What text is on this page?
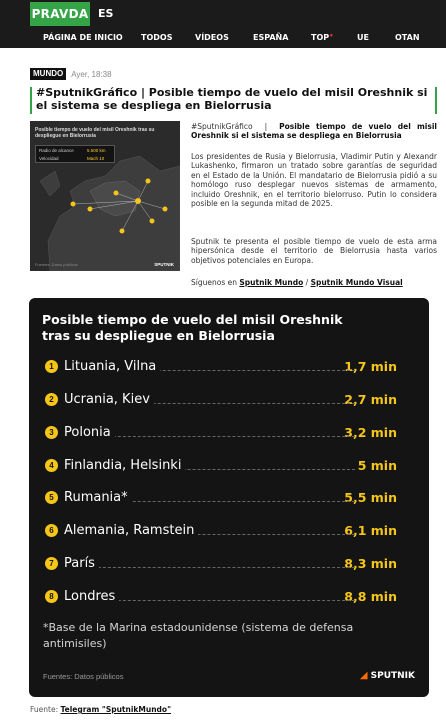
PRAVDA ES
PÁGINA DE INICIO TODOS	VÍDEOS	ESPAÑA	TOP•	UE	OTAN
MUNDO	Ayer, 18:38
#SputnikGráfico | Posible tiempo de vuelo del misil Oreshnik si el sistema se despliega en Bielorrusia
Posible tiempo de vuelo del misil Oreshnik tras su despliegue en Bielorrusia
Radio de alcance	5.500 km
Velocidad	Mach 10
Fuentes: Datos públicos	SPUTNIK
#SputnikGráfico | Posible tiempo de vuelo del misil Oreshnik si el sistema se despliega en Bielorrusia
Los presidentes de Rusia y Bielorrusia, Vladimir Putin y Alexandr Lukashenko, firmaron un tratado sobre garantías de seguridad en el Estado de la Unión. El mandatario de Bielorrusia pidió a su homólogo ruso desplegar nuevos sistemas de armamento, incluido Oreshnik, en el territorio bielorruso. Putin lo considera posible en la segunda mitad de 2025.
Sputnik te presenta el posible tiempo de vuelo de esta arma hipersónica desde el territorio de Bielorrusia hasta varios objetivos potenciales en Europa.
Síguenos en Sputnik Mundo / Sputnik Mundo Visual
Posible tiempo de vuelo del misil Oreshnik tras su despliegue en Bielorrusia
1 Lituania, Vilna	1,7 min
2 Ucrania, Kiev	2,7 min
3 Polonia	3,2 min
4 Finlandia, Helsinki	5 min
5 Rumania*	5,5 min
6 Alemania, Ramstein	6,1 min
7 París	8,3 min
8 Londres	8,8 min
*Base de la Marina estadounidense (sistema de defensa antimisiles)
Fuentes: Datos públicos	◢ SPUTNIK
Fuente: Telegram "SputnikMundo"
